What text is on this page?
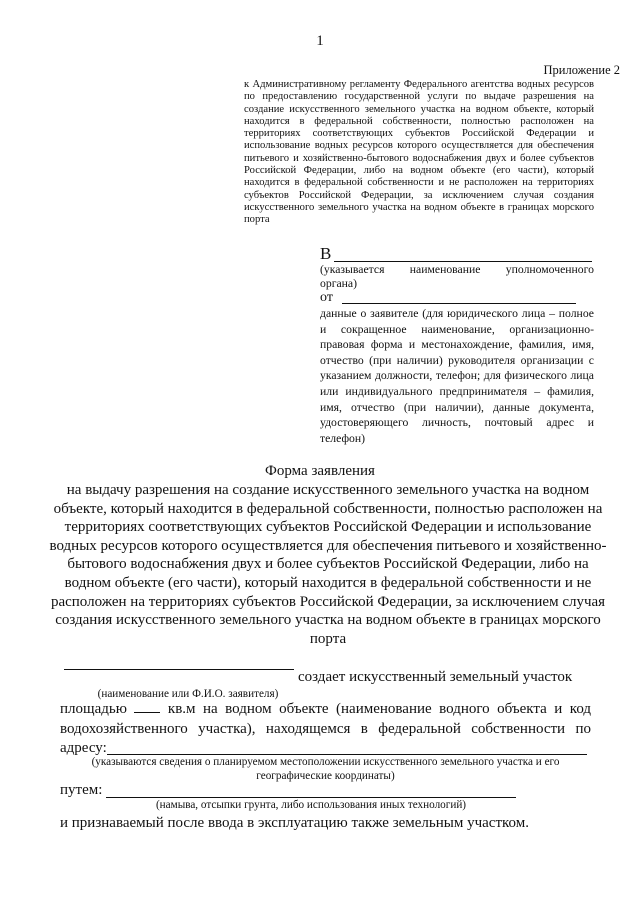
1
Приложение 2
к Административному регламенту Федерального агентства водных ресурсов по предоставлению государственной услуги по выдаче разрешения на создание искусственного земельного участка на водном объекте, который находится в федеральной собственности, полностью расположен на территориях соответствующих субъектов Российской Федерации и использование водных ресурсов которого осуществляется для обеспечения питьевого и хозяйственно-бытового водоснабжения двух и более субъектов Российской Федерации, либо на водном объекте (его части), который находится в федеральной собственности и не расположен на территориях субъектов Российской Федерации, за исключением случая создания искусственного земельного участка на водном объекте в границах морского порта
В
(указывается наименование уполномоченного
органа)
от
данные о заявителе (для юридического лица – полное и сокращенное наименование, организационно-правовая форма и местонахождение, фамилия, имя, отчество (при наличии) руководителя организации с указанием должности, телефон; для физического лица или индивидуального предпринимателя – фамилия, имя, отчество (при наличии), данные документа, удостоверяющего личность, почтовый адрес и телефон)
Форма заявления
на выдачу разрешения на создание искусственного земельного участка на водном объекте, который находится в федеральной собственности, полностью расположен на территориях соответствующих субъектов Российской Федерации и использование водных ресурсов которого осуществляется для обеспечения питьевого и хозяйственно-бытового водоснабжения двух и более субъектов Российской Федерации, либо на водном объекте (его части), который находится в федеральной собственности и не расположен на территориях субъектов Российской Федерации, за исключением случая создания искусственного земельного участка на водном объекте в границах морского порта
создает искусственный земельный участок
(наименование или Ф.И.О. заявителя)
площадью	кв.м на водном объекте (наименование водного объекта и код
водохозяйственного участка), находящемся в федеральной собственности по
адресу:
(указываются сведения о планируемом местоположении искусственного земельного участка и его географические координаты)
путем:
(намыва, отсыпки грунта, либо использования иных технологий)
и признаваемый после ввода в эксплуатацию также земельным участком.
